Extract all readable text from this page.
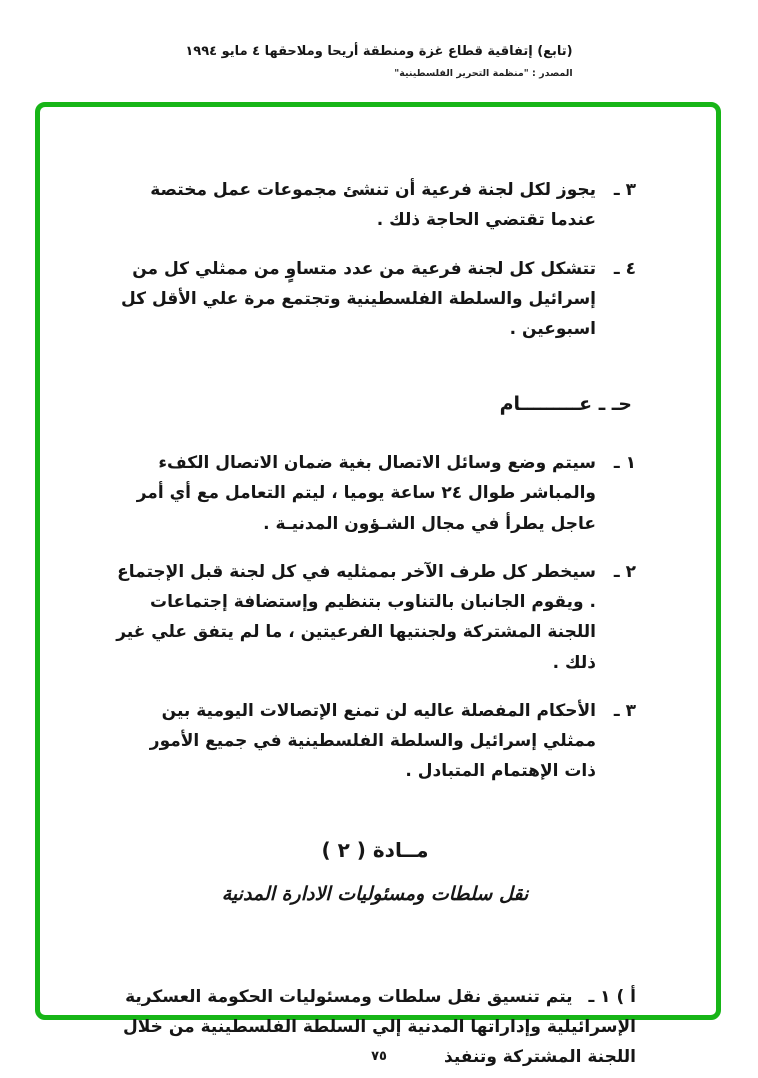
(تابع) إتفاقية قطاع غزة ومنطقة أريحا وملاحقها ٤ مايو ١٩٩٤
المصدر : "منظمة التحرير الفلسطينية"
٣ ـ
يجوز لكل لجنة فرعية أن تنشئ مجموعات عمل مختصة عندما تقتضي الحاجة ذلك .
٤ ـ
تتشكل كل لجنة فرعية من عدد متساوٍ من ممثلي كل من إسرائيل والسلطة الفلسطينية وتجتمع مرة علي الأقل كل اسبوعين .
حـ ـ عـــــــــام
١ ـ
سيتم وضع وسائل الاتصال بغية ضمان الاتصال الكفء والمباشر طوال ٢٤ ساعة يوميا ، ليتم التعامل مع أي أمر عاجل يطرأ في مجال الشـؤون المدنيـة .
٢ ـ
سيخطر كل طرف الآخر بممثليه في كل لجنة قبل الإجتماع . ويقوم الجانبان بالتناوب بتنظيم وإستضافة إجتماعات اللجنة المشتركة ولجنتيها الفرعيتين ، ما لم يتفق علي غير ذلك .
٣ ـ
الأحكام المفصلة عاليه لن تمنع الإتصالات اليومية بين ممثلي إسرائيل والسلطة الفلسطينية في جميع الأمور ذات الإهتمام المتبادل .
مــادة ( ٢ )
نقل سلطات ومسئوليات الادارة المدنية
أ ) ١ ـ يتم تنسيق نقل سلطات ومسئوليات الحكومة العسكرية الإسرائيلية وإداراتها المدنية إلي السلطة الفلسطينية من خلال اللجنة المشتركة وتنفيذ
٧٥
